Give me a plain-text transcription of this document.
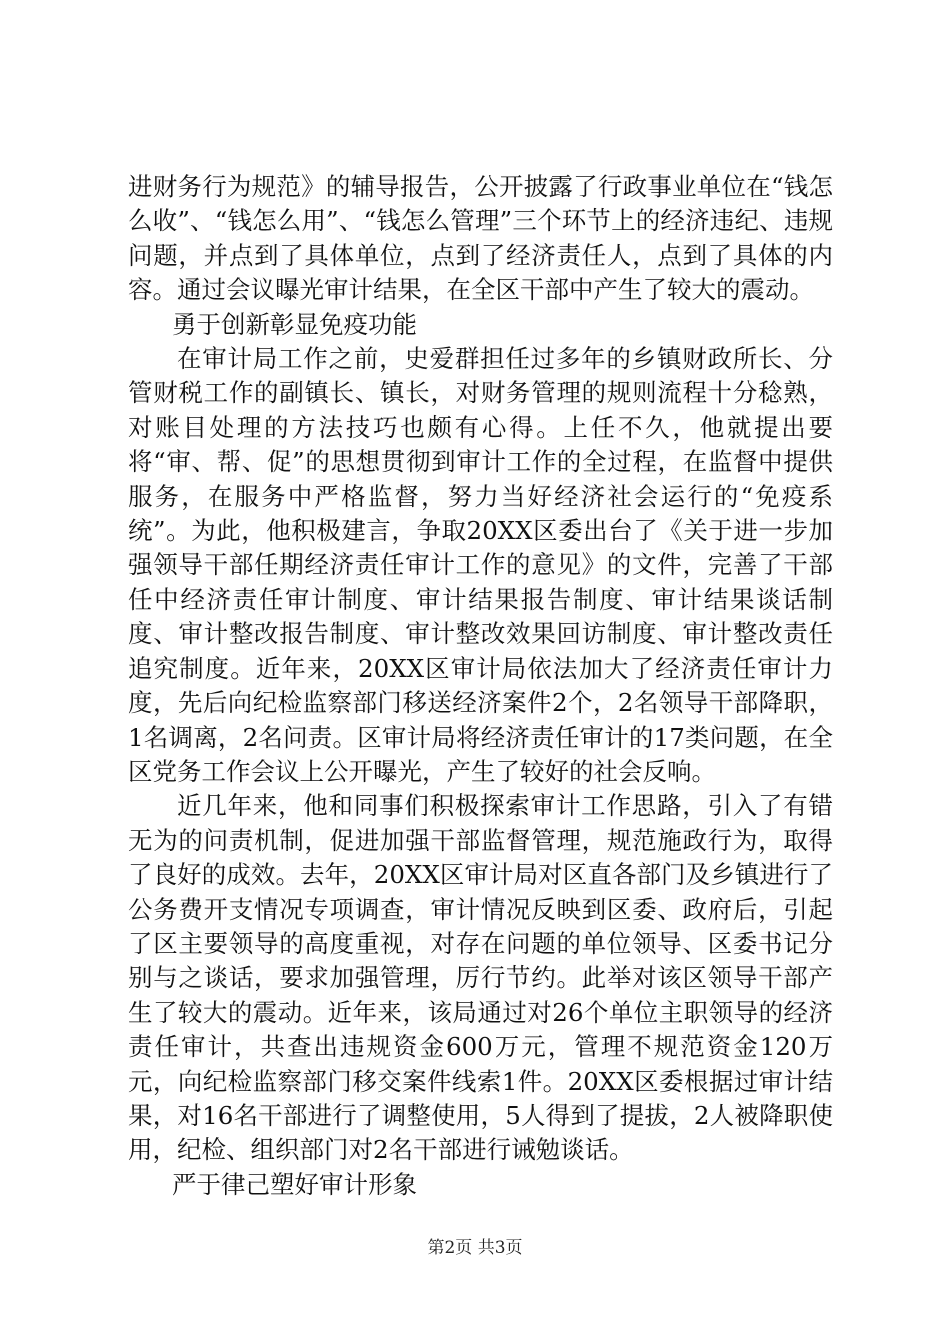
进财务行为规范》的辅导报告，公开披露了行政事业单位在“钱怎么收”、“钱怎么用”、“钱怎么管理”三个环节上的经济违纪、违规问题，并点到了具体单位，点到了经济责任人，点到了具体的内容。通过会议曝光审计结果，在全区干部中产生了较大的震动。

勇于创新彰显免疫功能

在审计局工作之前，史爱群担任过多年的乡镇财政所长、分管财税工作的副镇长、镇长，对财务管理的规则流程十分稔熟，对账目处理的方法技巧也颇有心得。上任不久，他就提出要将“审、帮、促”的思想贯彻到审计工作的全过程，在监督中提供服务，在服务中严格监督，努力当好经济社会运行的“免疫系统”。为此，他积极建言，争取20XX区委出台了《关于进一步加强领导干部任期经济责任审计工作的意见》的文件，完善了干部任中经济责任审计制度、审计结果报告制度、审计结果谈话制度、审计整改报告制度、审计整改效果回访制度、审计整改责任追究制度。近年来，20XX区审计局依法加大了经济责任审计力度，先后向纪检监察部门移送经济案件2个，2名领导干部降职，1名调离，2名问责。区审计局将经济责任审计的17类问题，在全区党务工作会议上公开曝光，产生了较好的社会反响。

近几年来，他和同事们积极探索审计工作思路，引入了有错无为的问责机制，促进加强干部监督管理，规范施政行为，取得了良好的成效。去年，20XX区审计局对区直各部门及乡镇进行了公务费开支情况专项调查，审计情况反映到区委、政府后，引起了区主要领导的高度重视，对存在问题的单位领导、区委书记分别与之谈话，要求加强管理，厉行节约。此举对该区领导干部产生了较大的震动。近年来，该局通过对26个单位主职领导的经济责任审计，共查出违规资金600万元，管理不规范资金120万元，向纪检监察部门移交案件线索1件。20XX区委根据过审计结果，对16名干部进行了调整使用，5人得到了提拔，2人被降职使用，纪检、组织部门对2名干部进行诫勉谈话。

严于律己塑好审计形象

第2页 共3页
